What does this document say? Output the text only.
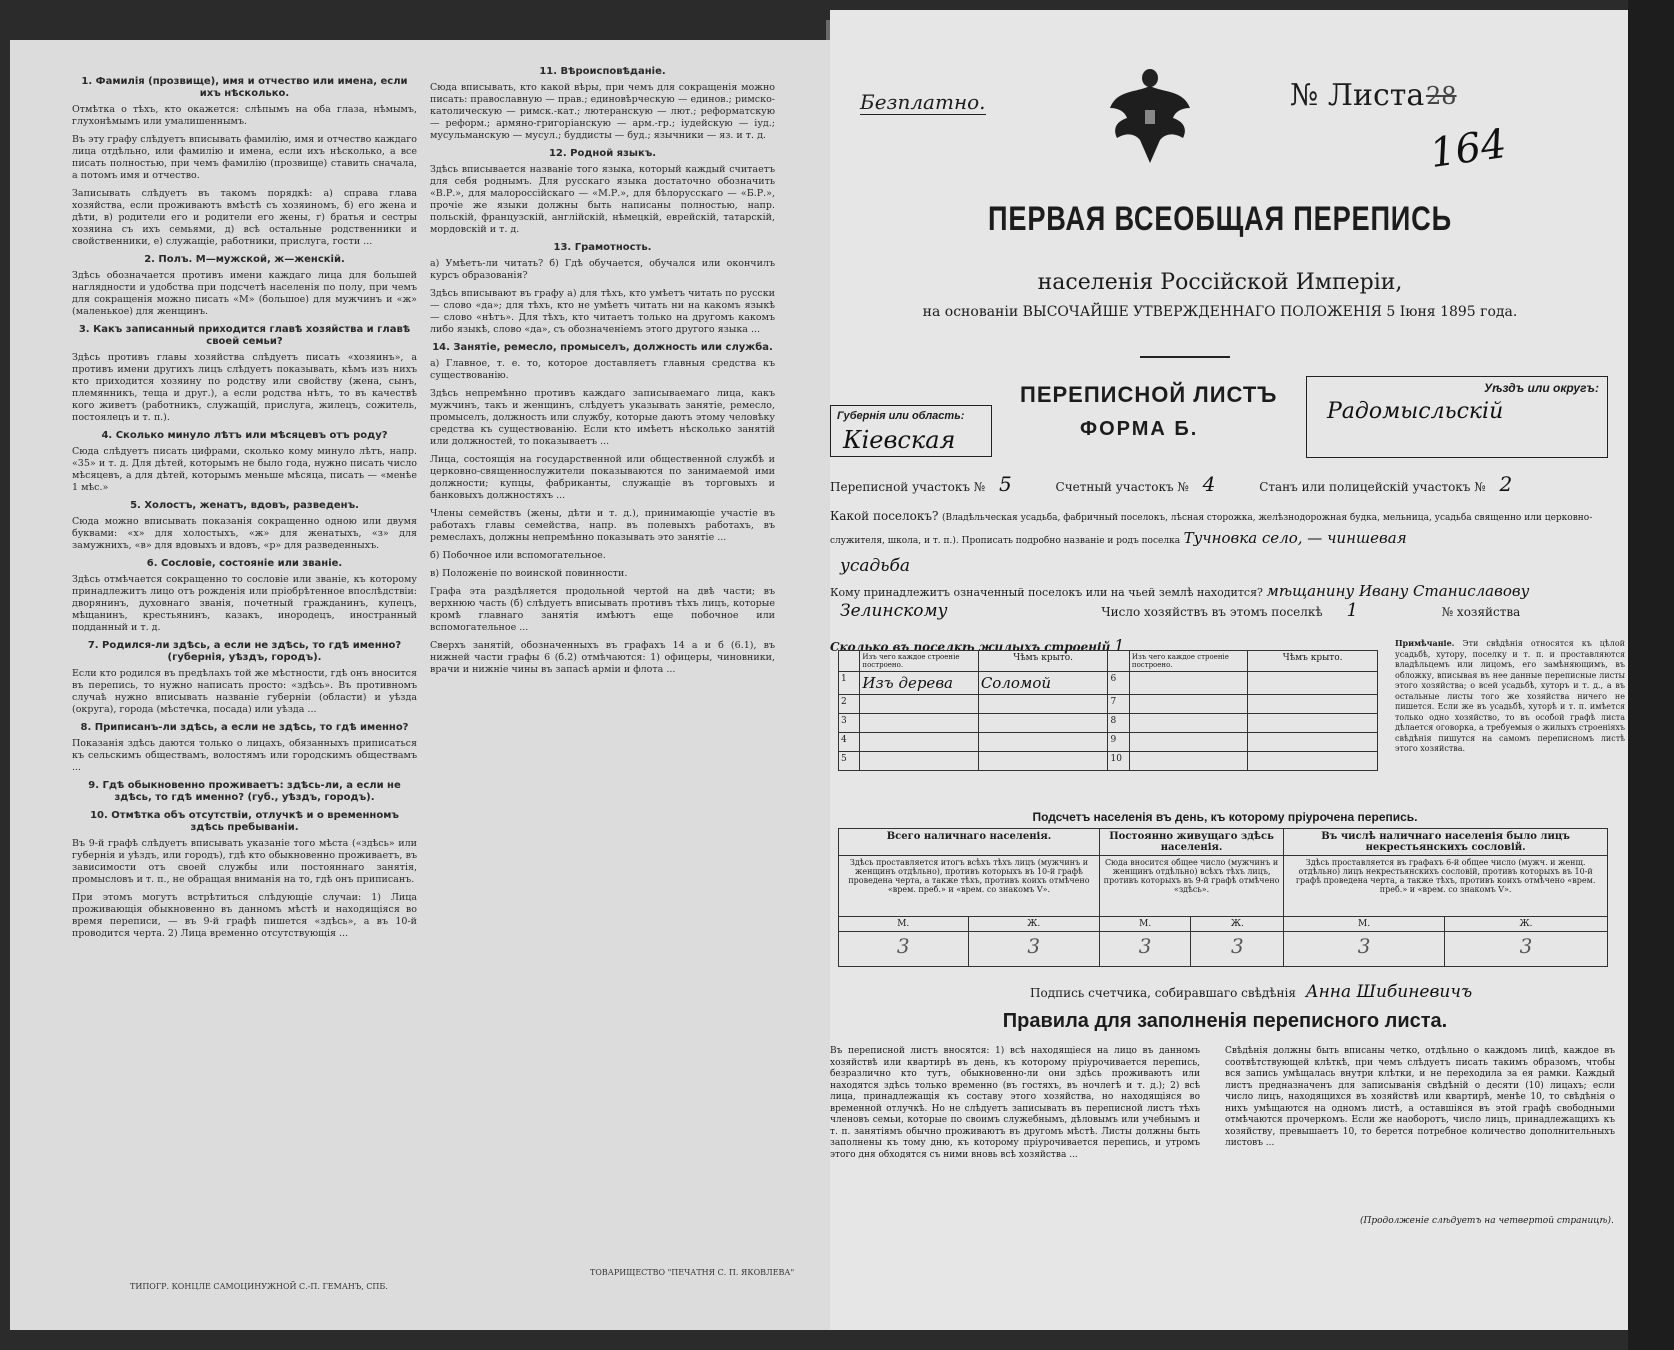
1. Фамилія (прозвище), имя и отчество или имена, если ихъ нѣсколько.

Отмѣтка о тѣхъ, кто окажется: слѣпымъ на оба глаза, нѣмымъ, глухонѣмымъ или умалишеннымъ.

Въ эту графу слѣдуетъ вписывать фамилію, имя и отчество каждаго лица отдѣльно, или фамилію и имена, если ихъ нѣсколько, а все писать полностью, при чемъ фамилію (прозвище) ставить сначала, а потомъ имя и отчество.

Записывать слѣдуетъ въ такомъ порядкѣ: а) справа глава хозяйства, если проживаютъ вмѣстѣ съ хозяиномъ, б) его жена и дѣти, в) родители его и родители его жены, г) братья и сестры хозяина съ ихъ семьями, д) всѣ остальные родственники и свойственники, е) служащіе, работники, прислуга, гости ...

2. Полъ. М—мужской, ж—женскій.

Здѣсь обозначается противъ имени каждаго лица для большей наглядности и удобства при подсчетѣ населенія по полу, при чемъ для сокращенія можно писать «М» (большое) для мужчинъ и «ж» (маленькое) для женщинъ.

3. Какъ записанный приходится главѣ хозяйства и главѣ своей семьи?

Здѣсь противъ главы хозяйства слѣдуетъ писать «хозяинъ», а противъ имени другихъ лицъ слѣдуетъ показывать, кѣмъ изъ нихъ кто приходится хозяину по родству или свойству (жена, сынъ, племянникъ, теща и друг.), а если родства нѣтъ, то въ качествѣ кого живетъ (работникъ, служащій, прислуга, жилецъ, сожитель, постоялецъ и т. п.).

4. Сколько минуло лѣтъ или мѣсяцевъ отъ роду?

Сюда слѣдуетъ писать цифрами, сколько кому минуло лѣтъ, напр. «35» и т. д. Для дѣтей, которымъ не было года, нужно писать число мѣсяцевъ, а для дѣтей, которымъ меньше мѣсяца, писать — «менѣе 1 мѣс.»

5. Холостъ, женатъ, вдовъ, разведенъ.

Сюда можно вписывать показанія сокращенно одною или двумя буквами: «х» для холостыхъ, «ж» для женатыхъ, «з» для замужнихъ, «в» для вдовыхъ и вдовъ, «р» для разведенныхъ.

6. Сословіе, состояніе или званіе.

Здѣсь отмѣчается сокращенно то сословіе или званіе, къ которому принадлежитъ лицо отъ рожденія или пріобрѣтенное впослѣдствіи: дворянинъ, духовнаго званія, почетный гражданинъ, купецъ, мѣщанинъ, крестьянинъ, казакъ, инородецъ, иностранный подданный и т. д.

7. Родился-ли здѣсь, а если не здѣсь, то гдѣ именно? (губернія, уѣздъ, городъ).

Если кто родился въ предѣлахъ той же мѣстности, гдѣ онъ вносится въ перепись, то нужно написать просто: «здѣсь». Въ противномъ случаѣ нужно вписывать названіе губерніи (области) и уѣзда (округа), города (мѣстечка, посада) или уѣзда ...

8. Приписанъ-ли здѣсь, а если не здѣсь, то гдѣ именно?

Показанія здѣсь даются только о лицахъ, обязанныхъ приписаться къ сельскимъ обществамъ, волостямъ или городскимъ обществамъ ...

9. Гдѣ обыкновенно проживаетъ: здѣсь-ли, а если не здѣсь, то гдѣ именно? (губ., уѣздъ, городъ).
10. Отмѣтка объ отсутствіи, отлучкѣ и о временномъ здѣсь пребываніи.

Въ 9-й графѣ слѣдуетъ вписывать указаніе того мѣста («здѣсь» или губернія и уѣздъ, или городъ), гдѣ кто обыкновенно проживаетъ, въ зависимости отъ своей службы или постояннаго занятія, промысловъ и т. п., не обращая вниманія на то, гдѣ онъ приписанъ.

При этомъ могутъ встрѣтиться слѣдующіе случаи: 1) Лица проживающія обыкновенно въ данномъ мѣстѣ и находящіяся во время переписи, — въ 9-й графѣ пишется «здѣсь», а въ 10-й проводится черта. 2) Лица временно отсутствующія ...

11. Вѣроисповѣданіе.

Сюда вписывать, кто какой вѣры, при чемъ для сокращенія можно писать: православную — прав.; единовѣрческую — единов.; римско-католическую — римск.-кат.; лютеранскую — лют.; реформатскую — реформ.; армяно-григоріанскую — арм.-гр.; іудейскую — іуд.; мусульманскую — мусул.; буддисты — буд.; язычники — яз. и т. д.

12. Родной языкъ.

Здѣсь вписывается названіе того языка, который каждый считаетъ для себя роднымъ. Для русскаго языка достаточно обозначить «В.Р.», для малороссійскаго — «М.Р.», для бѣлорусскаго — «Б.Р.», прочіе же языки должны быть написаны полностью, напр. польскій, французскій, англійскій, нѣмецкій, еврейскій, татарскій, мордовскій и т. д.

13. Грамотность.

а) Умѣетъ-ли читать? б) Гдѣ обучается, обучался или окончилъ курсъ образованія?

Здѣсь вписывают въ графу а) для тѣхъ, кто умѣетъ читать по русски — слово «да»; для тѣхъ, кто не умѣетъ читать ни на какомъ языкѣ — слово «нѣтъ». Для тѣхъ, кто читаетъ только на другомъ какомъ либо языкѣ, слово «да», съ обозначеніемъ этого другого языка ...

14. Занятіе, ремесло, промыселъ, должность или служба.

а) Главное, т. е. то, которое доставляетъ главныя средства къ существованію.

Здѣсь непремѣнно противъ каждаго записываемаго лица, какъ мужчинъ, такъ и женщинъ, слѣдуетъ указывать занятіе, ремесло, промыселъ, должность или службу, которые даютъ этому человѣку средства къ существованію. Если кто имѣетъ нѣсколько занятій или должностей, то показываетъ ...

Лица, состоящія на государственной или общественной службѣ и церковно-священнослужители показываются по занимаемой ими должности; купцы, фабриканты, служащіе въ торговыхъ и банковыхъ должностяхъ ...

Члены семействъ (жены, дѣти и т. д.), принимающіе участіе въ работахъ главы семейства, напр. въ полевыхъ работахъ, въ ремеслахъ, должны непремѣнно показывать это занятіе ...

б) Побочное или вспомогательное.

в) Положеніе по воинской повинности.

Графа эта раздѣляется продольной чертой на двѣ части; въ верхнюю часть (б) слѣдуетъ вписывать противъ тѣхъ лицъ, которые кромѣ главнаго занятія имѣютъ еще побочное или вспомогательное ...

Сверхъ занятій, обозначенныхъ въ графахъ 14 а и б (6.1), въ нижней части графы 6 (б.2) отмѣчаются: 1) офицеры, чиновники, врачи и нижніе чины въ запасѣ арміи и флота ...

ТИПОГР. КОНЦЛЕ САМОЦИНУЖНОЙ С.-П. ГЕМАНЪ, СПБ.
ТОВАРИЩЕСТВО "ПЕЧАТНЯ С. П. ЯКОВЛЕВА"
Безплатно.	№ Листа 28
164
ПЕРВАЯ ВСЕОБЩАЯ ПЕРЕПИСЬ
населенія Россійской Имперіи,
на основаніи ВЫСОЧАЙШЕ УТВЕРЖДЕННАГО ПОЛОЖЕНІЯ 5 Іюня 1895 года.
Губернія или область:
Кіевская
ПЕРЕПИСНОЙ ЛИСТЪ
ФОРМА Б.
Уѣздъ или округъ:
Радомысльскій
Переписной участокъ № 5	Счетный участокъ № 4	Станъ или полицейскій участокъ № 2
Какой поселокъ? (Владѣльческая усадьба, фабричный поселокъ, лѣсная сторожка, желѣзнодорожная будка, мельница, усадьба священно или церковно-служителя, школа, и т. п.). Прописать подробно названіе и родъ поселка Тучновка село, — чиншевая
усадьба
Кому принадлежитъ означенный поселокъ или на чьей землѣ находится? мѣщанину Ивану Станиславову
Зелинскому	Число хозяйствъ въ этомъ поселкѣ 1	№ хозяйства
Сколько въ поселкѣ жилыхъ строеній 1
	Изъ чего каждое строеніе построено.	Чѣмъ крыто.		Изъ чего каждое строеніе построено.	Чѣмъ крыто.
1	Изъ дерева	Соломой	6		
2			7		
3			8		
4			9		
5			10		
Примѣчаніе. Эти свѣдѣнія относятся къ цѣлой усадьбѣ, хутору, поселку и т. п. и проставляются владѣльцемъ или лицомъ, его замѣняющимъ, въ обложку, вписывая въ нее данные переписные листы этого хозяйства; о всей усадьбѣ, хуторъ и т. д., а въ остальные листы того же хозяйства ничего не пишется. Если же въ усадьбѣ, хуторѣ и т. п. имѣется только одно хозяйство, то въ особой графѣ листа дѣлается оговорка, а требуемыя о жилыхъ строеніяхъ свѣдѣнія пишутся на самомъ переписномъ листѣ этого хозяйства.
Подсчетъ населенія въ день, къ которому пріурочена перепись.
Всего наличнаго населенія.		Постоянно живущаго здѣсь населенія.		Въ числѣ наличнаго населенія было лицъ некрестьянскихъ сословій.	
Здѣсь проставляется итогъ всѣхъ тѣхъ лицъ (мужчинъ и женщинъ отдѣльно), противъ которыхъ въ 10-й графѣ проведена черта, а также тѣхъ, противъ коихъ отмѣчено «врем. преб.» и «врем. со знакомъ V».		Сюда вносится общее число (мужчинъ и женщинъ отдѣльно) всѣхъ тѣхъ лицъ, противъ которыхъ въ 9-й графѣ отмѣчено «здѣсь».		Здѣсь проставляется въ графахъ 6-й общее число (мужч. и женщ. отдѣльно) лицъ некрестьянскихъ сословій, противъ которыхъ въ 10-й графѣ проведена черта, а также тѣхъ, противъ коихъ отмѣчено «врем. преб.» и «врем. со знакомъ V».	
М.	Ж.	М.	Ж.	М.	Ж.
3	3	3	3	3	3
Подпись счетчика, собиравшаго свѣдѣнія Анна Шибиневичъ
Правила для заполненія переписного листа.
Въ переписной листъ вносятся: 1) всѣ находящіеся на лицо въ данномъ хозяйствѣ или квартирѣ въ день, къ которому пріурочивается перепись, безразлично кто тутъ, обыкновенно-ли они здѣсь проживаютъ или находятся здѣсь только временно (въ гостяхъ, въ ночлегѣ и т. д.); 2) всѣ лица, принадлежащія къ составу этого хозяйства, но находящіяся во временной отлучкѣ. Но не слѣдуетъ записывать въ переписной листъ тѣхъ членовъ семьи, которые по своимъ служебнымъ, дѣловымъ или учебнымъ и т. п. занятіямъ обычно проживаютъ въ другомъ мѣстѣ. Листы должны быть заполнены къ тому дню, къ которому пріурочивается перепись, и утромъ этого дня обходятся съ ними вновь всѣ хозяйства ...
Свѣдѣнія должны быть вписаны четко, отдѣльно о каждомъ лицѣ, каждое въ соотвѣтствующей клѣткѣ, при чемъ слѣдуетъ писать такимъ образомъ, чтобы вся запись умѣщалась внутри клѣтки, и не переходила за ея рамки. Каждый листъ предназначенъ для записыванія свѣдѣній о десяти (10) лицахъ; если число лицъ, находящихся въ хозяйствѣ или квартирѣ, менѣе 10, то свѣдѣнія о нихъ умѣщаются на одномъ листѣ, а оставшіяся въ этой графѣ свободными отмѣчаются прочеркомъ. Если же наоборотъ, число лицъ, принадлежащихъ къ хозяйству, превышаетъ 10, то берется потребное количество дополнительныхъ листовъ ...
(Продолженіе слѣдуетъ на четвертой страницѣ).
